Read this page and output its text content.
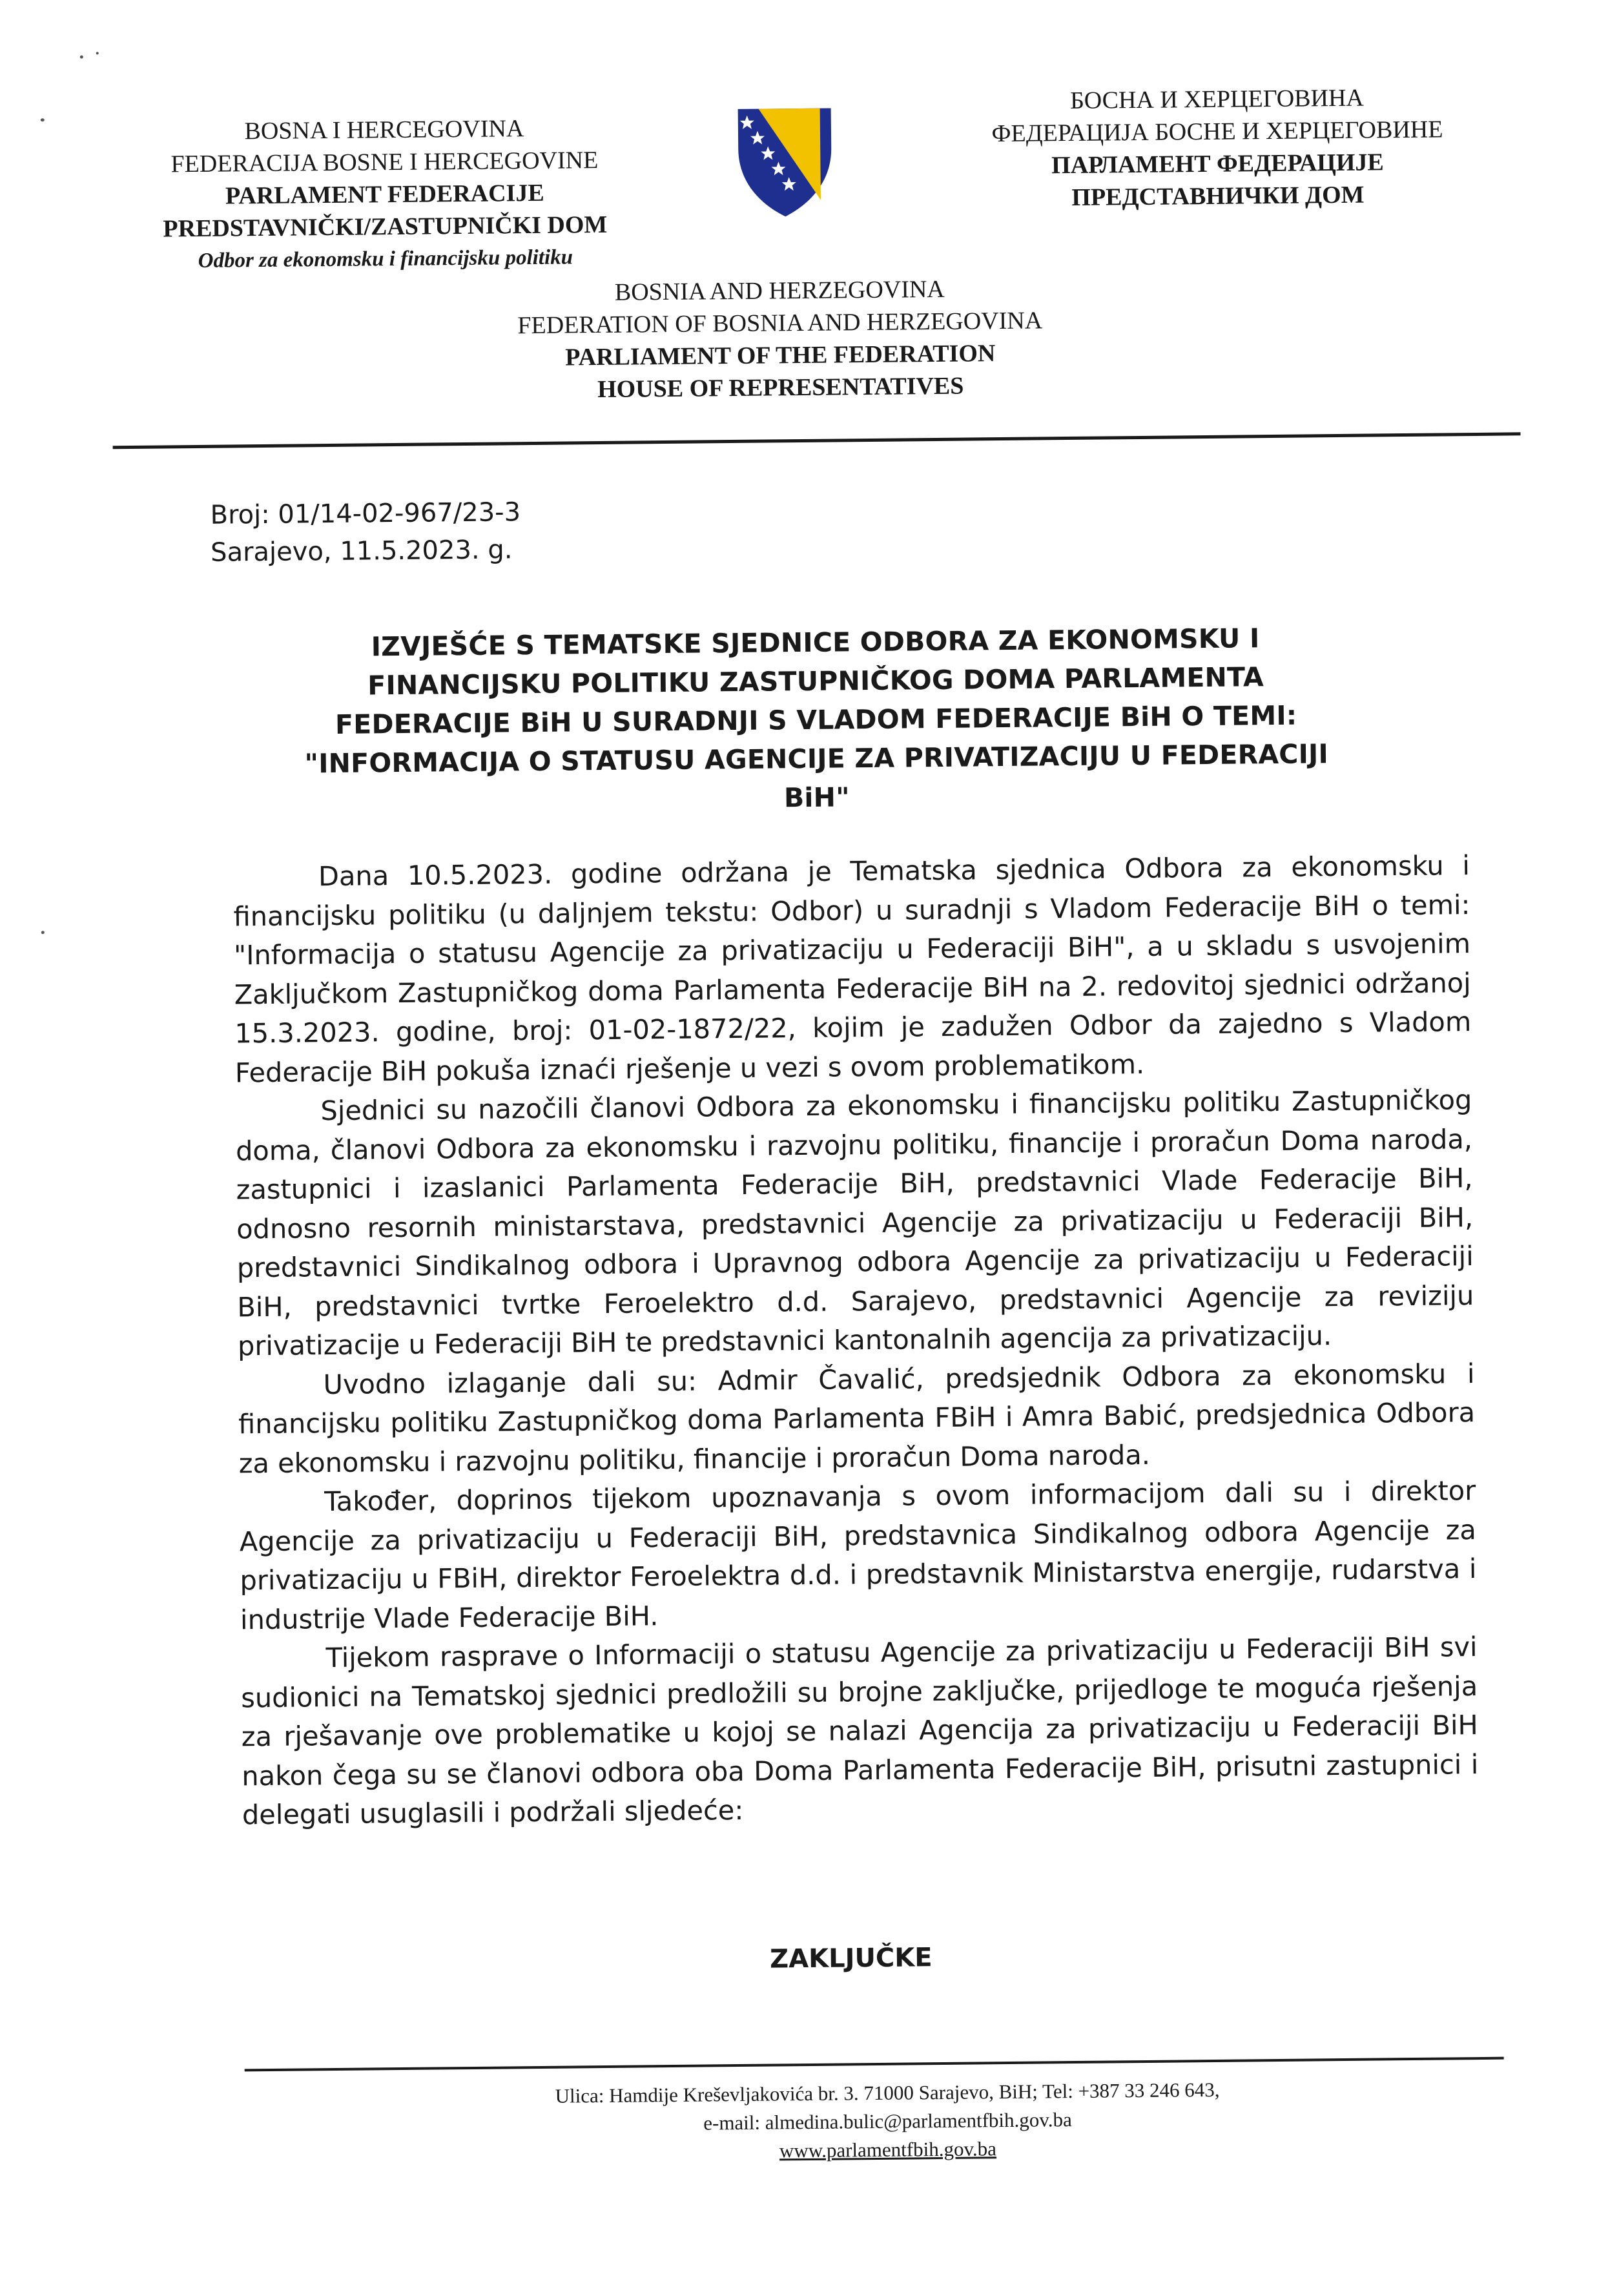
BOSNA I HERCEGOVINA
FEDERACIJA BOSNE I HERCEGOVINE
PARLAMENT FEDERACIJE
PREDSTAVNIČKI/ZASTUPNIČKI DOM
Odbor za ekonomsku i financijsku politiku
БОСНА И ХЕРЦЕГОВИНА
ФЕДЕРАЦИЈА БОСНЕ И ХЕРЦЕГОВИНЕ
ПАРЛАМЕНТ ФЕДЕРАЦИЈЕ
ПРЕДСТАВНИЧКИ ДОМ
BOSNIA AND HERZEGOVINA
FEDERATION OF BOSNIA AND HERZEGOVINA
PARLIAMENT OF THE FEDERATION
HOUSE OF REPRESENTATIVES
Broj: 01/14-02-967/23-3
Sarajevo, 11.5.2023. g.
IZVJEŠĆE S TEMATSKE SJEDNICE ODBORA ZA EKONOMSKU I
FINANCIJSKU POLITIKU ZASTUPNIČKOG DOMA PARLAMENTA
FEDERACIJE BiH U SURADNJI S VLADOM FEDERACIJE BiH O TEMI:
"INFORMACIJA O STATUSU AGENCIJE ZA PRIVATIZACIJU U FEDERACIJI
BiH"

Dana 10.5.2023. godine održana je Tematska sjednica Odbora za ekonomsku i financijsku politiku (u daljnjem tekstu: Odbor) u suradnji s Vladom Federacije BiH o temi: "Informacija o statusu Agencije za privatizaciju u Federaciji BiH", a u skladu s usvojenim Zaključkom Zastupničkog doma Parlamenta Federacije BiH na 2. redovitoj sjednici održanoj 15.3.2023. godine, broj: 01-02-1872/22, kojim je zadužen Odbor da zajedno s Vladom Federacije BiH pokuša iznaći rješenje u vezi s ovom problematikom.

Sjednici su nazočili članovi Odbora za ekonomsku i financijsku politiku Zastupničkog doma, članovi Odbora za ekonomsku i razvojnu politiku, financije i proračun Doma naroda, zastupnici i izaslanici Parlamenta Federacije BiH, predstavnici Vlade Federacije BiH, odnosno resornih ministarstava, predstavnici Agencije za privatizaciju u Federaciji BiH, predstavnici Sindikalnog odbora i Upravnog odbora Agencije za privatizaciju u Federaciji BiH, predstavnici tvrtke Feroelektro d.d. Sarajevo, predstavnici Agencije za reviziju privatizacije u Federaciji BiH te predstavnici kantonalnih agencija za privatizaciju.

Uvodno izlaganje dali su: Admir Čavalić, predsjednik Odbora za ekonomsku i financijsku politiku Zastupničkog doma Parlamenta FBiH i Amra Babić, predsjednica Odbora za ekonomsku i razvojnu politiku, financije i proračun Doma naroda.

Također, doprinos tijekom upoznavanja s ovom informacijom dali su i direktor Agencije za privatizaciju u Federaciji BiH, predstavnica Sindikalnog odbora Agencije za privatizaciju u FBiH, direktor Feroelektra d.d. i predstavnik Ministarstva energije, rudarstva i industrije Vlade Federacije BiH.

Tijekom rasprave o Informaciji o statusu Agencije za privatizaciju u Federaciji BiH svi sudionici na Tematskoj sjednici predložili su brojne zaključke, prijedloge te moguća rješenja za rješavanje ove problematike u kojoj se nalazi Agencija za privatizaciju u Federaciji BiH nakon čega su se članovi odbora oba Doma Parlamenta Federacije BiH, prisutni zastupnici i delegati usuglasili i podržali sljedeće:

ZAKLJUČKE
Ulica: Hamdije Kreševljakovića br. 3. 71000 Sarajevo, BiH; Tel: +387 33 246 643,
e-mail: almedina.bulic@parlamentfbih.gov.ba
www.parlamentfbih.gov.ba
